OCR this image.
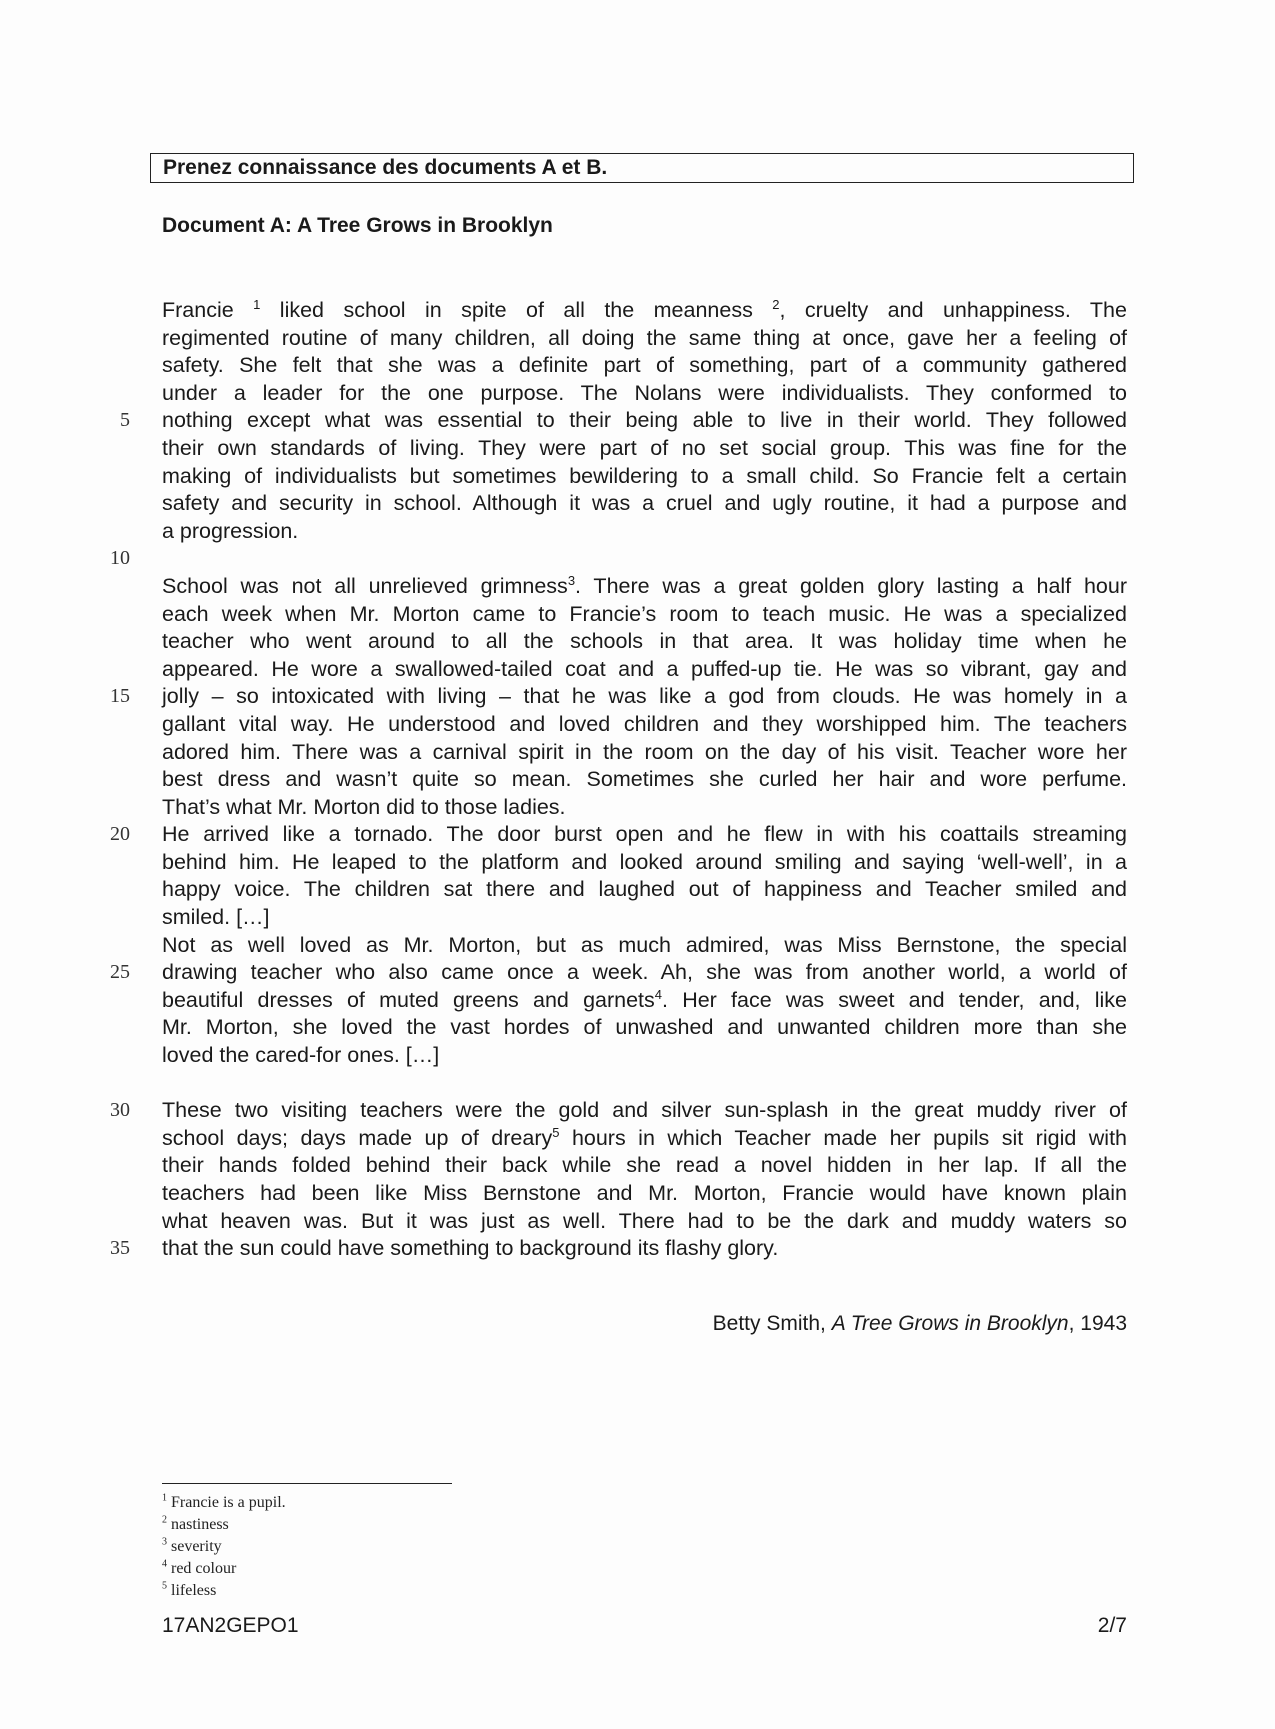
Prenez connaissance des documents A et B.
Document A: A Tree Grows in Brooklyn
Francie $^1$ liked school in spite of all the meanness $^2$, cruelty and unhappiness. The
regimented routine of many children, all doing the same thing at once, gave her a feeling of
safety. She felt that she was a definite part of something, part of a community gathered
under a leader for the one purpose. The Nolans were individualists. They conformed to
5 nothing except what was essential to their being able to live in their world. They followed
their own standards of living. They were part of no set social group. This was fine for the
making of individualists but sometimes bewildering to a small child. So Francie felt a certain
safety and security in school. Although it was a cruel and ugly routine, it had a purpose and
a progression.
10
School was not all unrelieved grimness$^3$. There was a great golden glory lasting a half hour
each week when Mr. Morton came to Francie’s room to teach music. He was a specialized
teacher who went around to all the schools in that area. It was holiday time when he
appeared. He wore a swallowed-tailed coat and a puffed-up tie. He was so vibrant, gay and
15 jolly – so intoxicated with living – that he was like a god from clouds. He was homely in a
gallant vital way. He understood and loved children and they worshipped him. The teachers
adored him. There was a carnival spirit in the room on the day of his visit. Teacher wore her
best dress and wasn’t quite so mean. Sometimes she curled her hair and wore perfume.
That’s what Mr. Morton did to those ladies.
20 He arrived like a tornado. The door burst open and he flew in with his coattails streaming
behind him. He leaped to the platform and looked around smiling and saying ‘well-well’, in a
happy voice. The children sat there and laughed out of happiness and Teacher smiled and
smiled. […]
Not as well loved as Mr. Morton, but as much admired, was Miss Bernstone, the special
25 drawing teacher who also came once a week. Ah, she was from another world, a world of
beautiful dresses of muted greens and garnets$^4$. Her face was sweet and tender, and, like
Mr. Morton, she loved the vast hordes of unwashed and unwanted children more than she
loved the cared-for ones. […]
30 These two visiting teachers were the gold and silver sun-splash in the great muddy river of
school days; days made up of dreary$^5$ hours in which Teacher made her pupils sit rigid with
their hands folded behind their back while she read a novel hidden in her lap. If all the
teachers had been like Miss Bernstone and Mr. Morton, Francie would have known plain
what heaven was. But it was just as well. There had to be the dark and muddy waters so
35 that the sun could have something to background its flashy glory.
Betty Smith, A Tree Grows in Brooklyn, 1943
$^1$ Francie is a pupil.
$^2$ nastiness
$^3$ severity
$^4$ red colour
$^5$ lifeless
17AN2GEPO1	2/7
